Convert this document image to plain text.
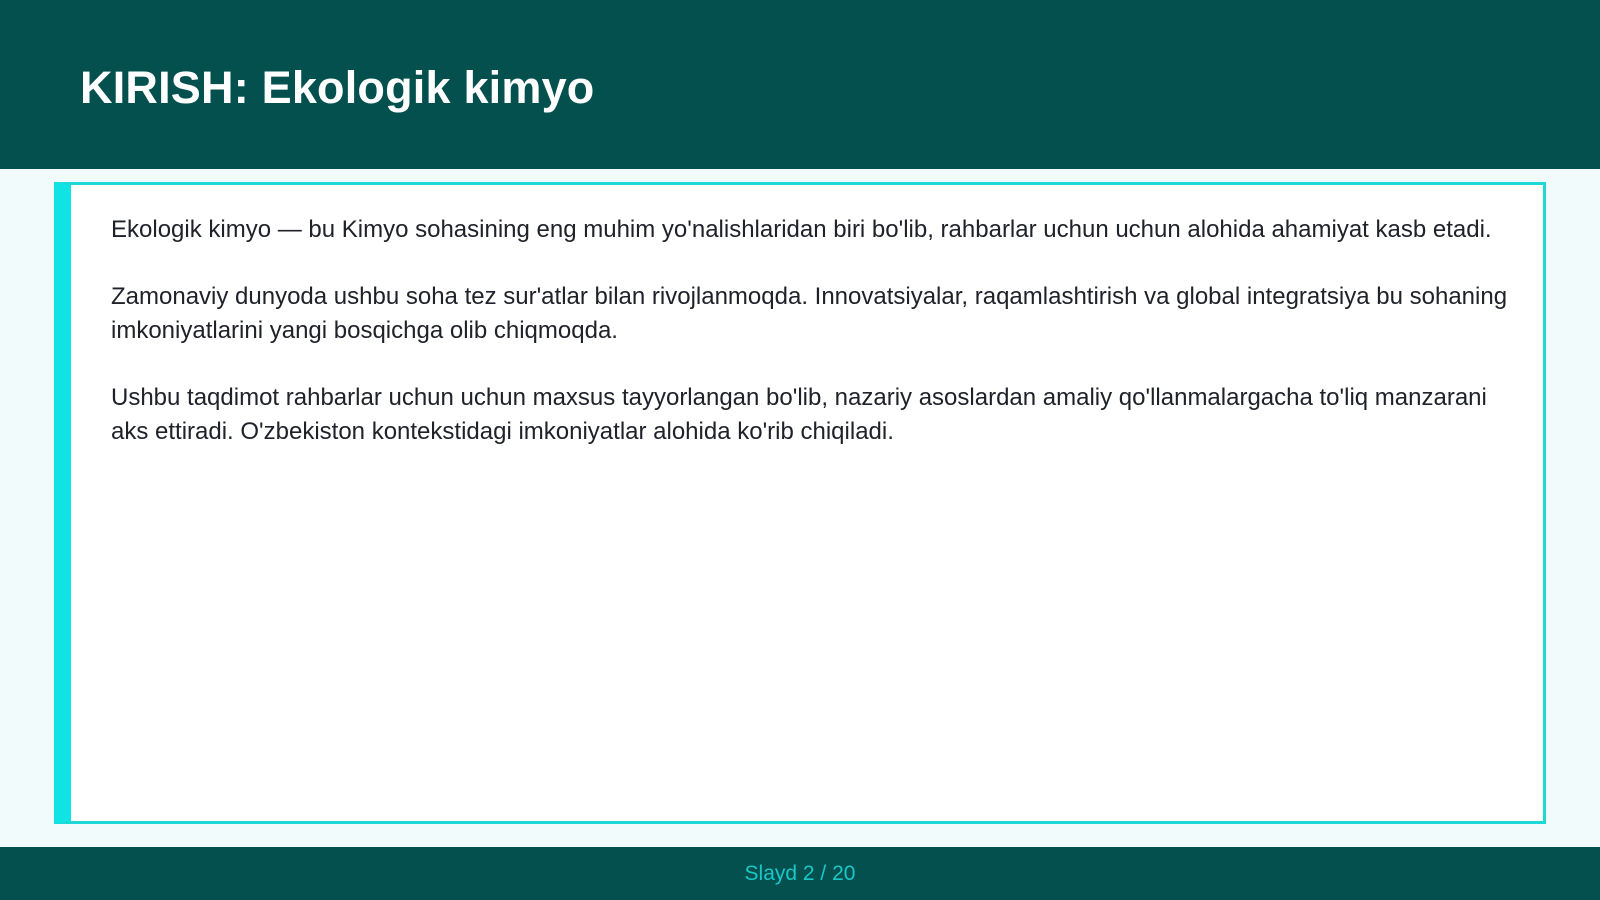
KIRISH: Ekologik kimyo

Ekologik kimyo — bu Kimyo sohasining eng muhim yo'nalishlaridan biri bo'lib, rahbarlar uchun uchun alohida ahamiyat kasb etadi.

Zamonaviy dunyoda ushbu soha tez sur'atlar bilan rivojlanmoqda. Innovatsiyalar, raqamlashtirish va global integratsiya bu sohaning imkoniyatlarini yangi bosqichga olib chiqmoqda.

Ushbu taqdimot rahbarlar uchun uchun maxsus tayyorlangan bo'lib, nazariy asoslardan amaliy qo'llanmalargacha to'liq manzarani aks ettiradi. O'zbekiston kontekstidagi imkoniyatlar alohida ko'rib chiqiladi.

Slayd 2 / 20
